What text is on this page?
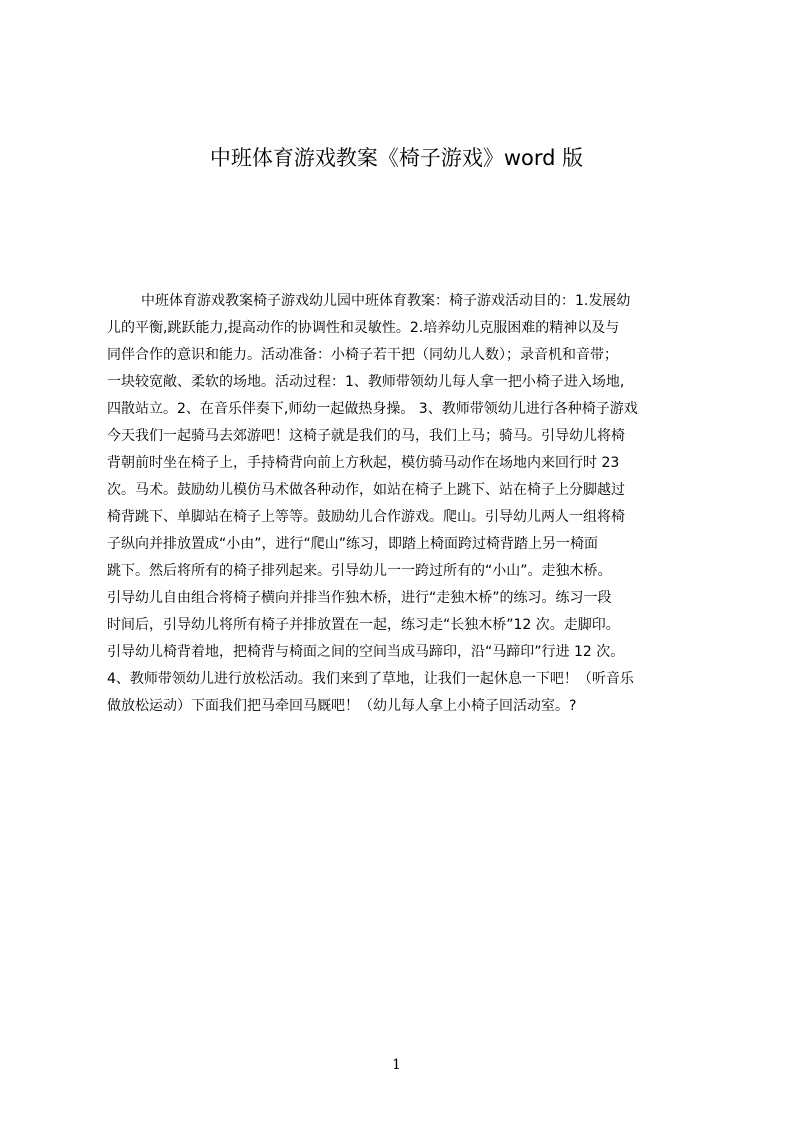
中班体育游戏教案《椅子游戏》word 版
中班体育游戏教案椅子游戏幼儿园中班体育教案：椅子游戏活动目的：1.发展幼
儿的平衡,跳跃能力,提高动作的协调性和灵敏性。2.培养幼儿克服困难的精神以及与
同伴合作的意识和能力。活动准备：小椅子若干把（同幼儿人数）；录音机和音带；
一块较宽敞、柔软的场地。活动过程：1、教师带领幼儿每人拿一把小椅子进入场地,
四散站立。2、在音乐伴奏下,师幼一起做热身操。 3、教师带领幼儿进行各种椅子游戏
今天我们一起骑马去郊游吧！这椅子就是我们的马，我们上马；骑马。引导幼儿将椅
背朝前时坐在椅子上，手持椅背向前上方秋起，模仿骑马动作在场地内来回行时 23
次。马术。鼓励幼儿模仿马术做各种动作，如站在椅子上跳下、站在椅子上分脚越过
椅背跳下、单脚站在椅子上等等。鼓励幼儿合作游戏。爬山。引导幼儿两人一组将椅
子纵向并排放置成“小由”，进行“爬山”练习，即踏上椅面跨过椅背踏上另一椅面
跳下。然后将所有的椅子排列起来。引导幼儿一一跨过所有的“小山”。走独木桥。
引导幼儿自由组合将椅子横向并排当作独木桥，进行“走独木桥”的练习。练习一段
时间后，引导幼儿将所有椅子并排放置在一起，练习走“长独木桥”12 次。走脚印。
引导幼儿椅背着地，把椅背与椅面之间的空间当成马蹄印，沿“马蹄印”行进 12 次。
4、教师带领幼儿进行放松活动。我们来到了草地，让我们一起休息一下吧！（听音乐
做放松运动）下面我们把马牵回马厩吧！（幼儿每人拿上小椅子回活动室。?
1
